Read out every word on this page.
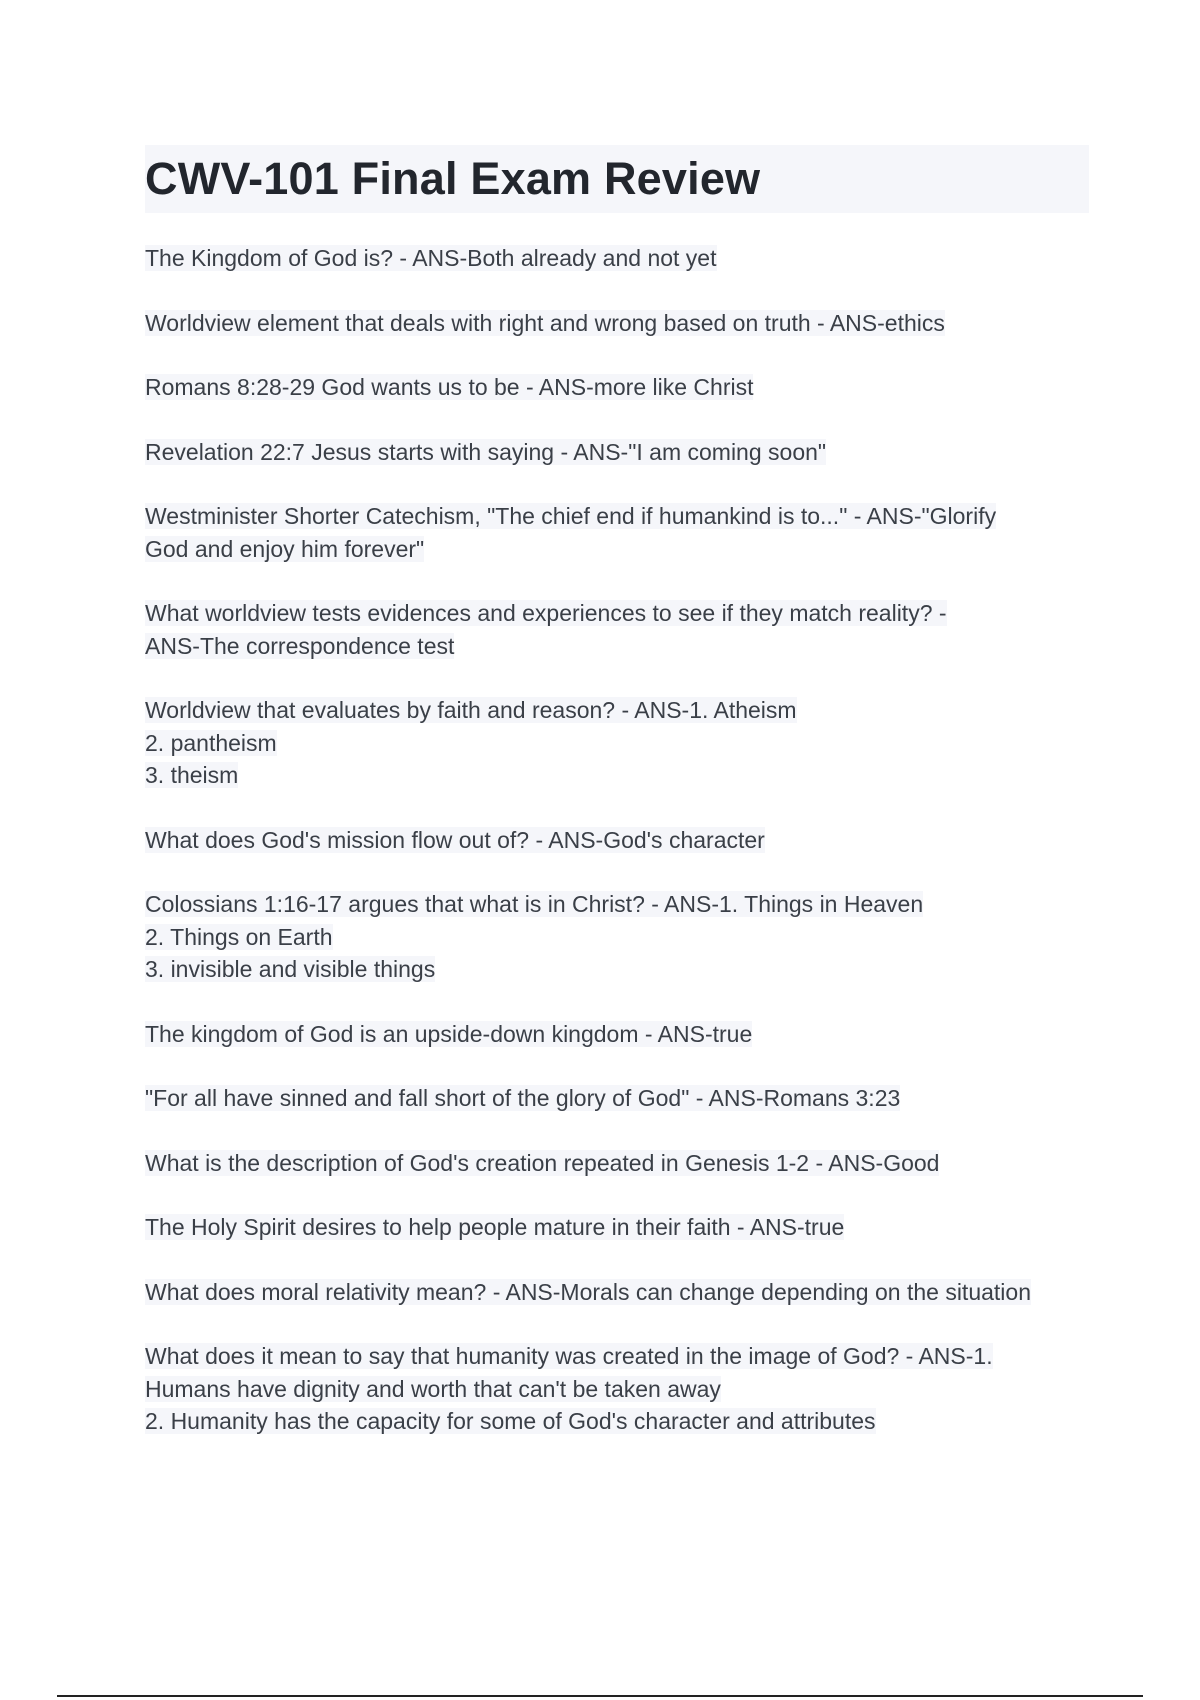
CWV-101 Final Exam Review
The Kingdom of God is? - ANS-Both already and not yet
Worldview element that deals with right and wrong based on truth - ANS-ethics
Romans 8:28-29 God wants us to be - ANS-more like Christ
Revelation 22:7 Jesus starts with saying - ANS-"I am coming soon"
Westminister Shorter Catechism, "The chief end if humankind is to..." - ANS-"Glorify
God and enjoy him forever"
What worldview tests evidences and experiences to see if they match reality? -
ANS-The correspondence test
Worldview that evaluates by faith and reason? - ANS-1. Atheism
2. pantheism
3. theism
What does God's mission flow out of? - ANS-God's character
Colossians 1:16-17 argues that what is in Christ? - ANS-1. Things in Heaven
2. Things on Earth
3. invisible and visible things
The kingdom of God is an upside-down kingdom - ANS-true
"For all have sinned and fall short of the glory of God" - ANS-Romans 3:23
What is the description of God's creation repeated in Genesis 1-2 - ANS-Good
The Holy Spirit desires to help people mature in their faith - ANS-true
What does moral relativity mean? - ANS-Morals can change depending on the situation
What does it mean to say that humanity was created in the image of God? - ANS-1.
Humans have dignity and worth that can't be taken away
2. Humanity has the capacity for some of God's character and attributes
